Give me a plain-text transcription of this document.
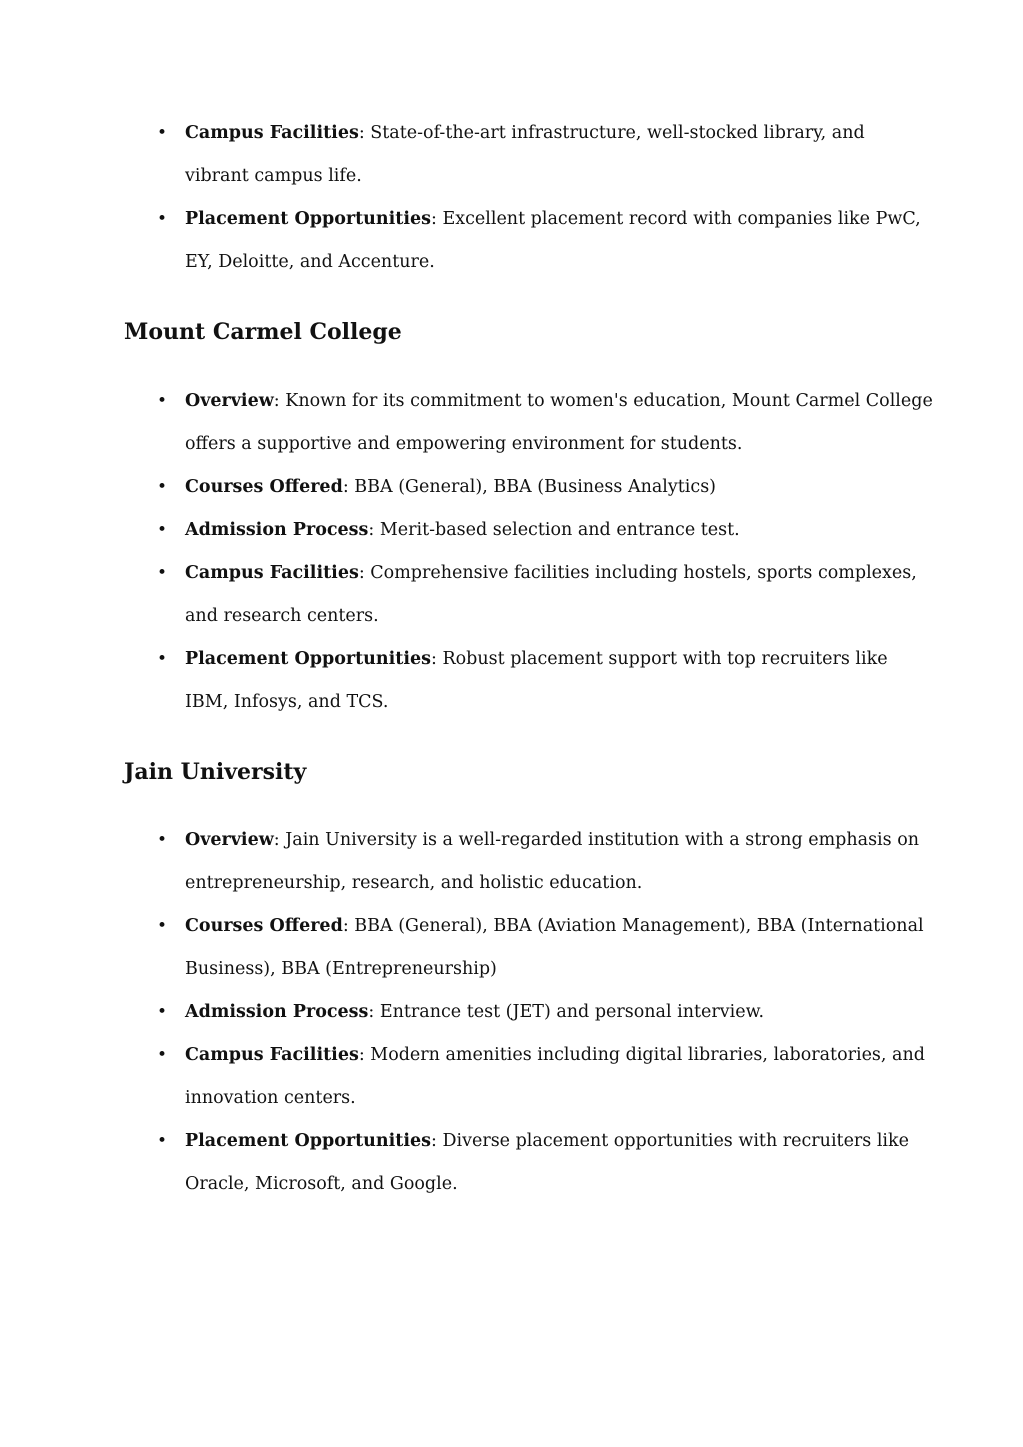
• Campus Facilities: State-of-the-art infrastructure, well-stocked library, and
vibrant campus life.
• Placement Opportunities: Excellent placement record with companies like PwC,
EY, Deloitte, and Accenture.
Mount Carmel College
• Overview: Known for its commitment to women's education, Mount Carmel College
offers a supportive and empowering environment for students.
• Courses Offered: BBA (General), BBA (Business Analytics)
• Admission Process: Merit-based selection and entrance test.
• Campus Facilities: Comprehensive facilities including hostels, sports complexes,
and research centers.
• Placement Opportunities: Robust placement support with top recruiters like
IBM, Infosys, and TCS.
Jain University
• Overview: Jain University is a well-regarded institution with a strong emphasis on
entrepreneurship, research, and holistic education.
• Courses Offered: BBA (General), BBA (Aviation Management), BBA (International
Business), BBA (Entrepreneurship)
• Admission Process: Entrance test (JET) and personal interview.
• Campus Facilities: Modern amenities including digital libraries, laboratories, and
innovation centers.
• Placement Opportunities: Diverse placement opportunities with recruiters like
Oracle, Microsoft, and Google.
